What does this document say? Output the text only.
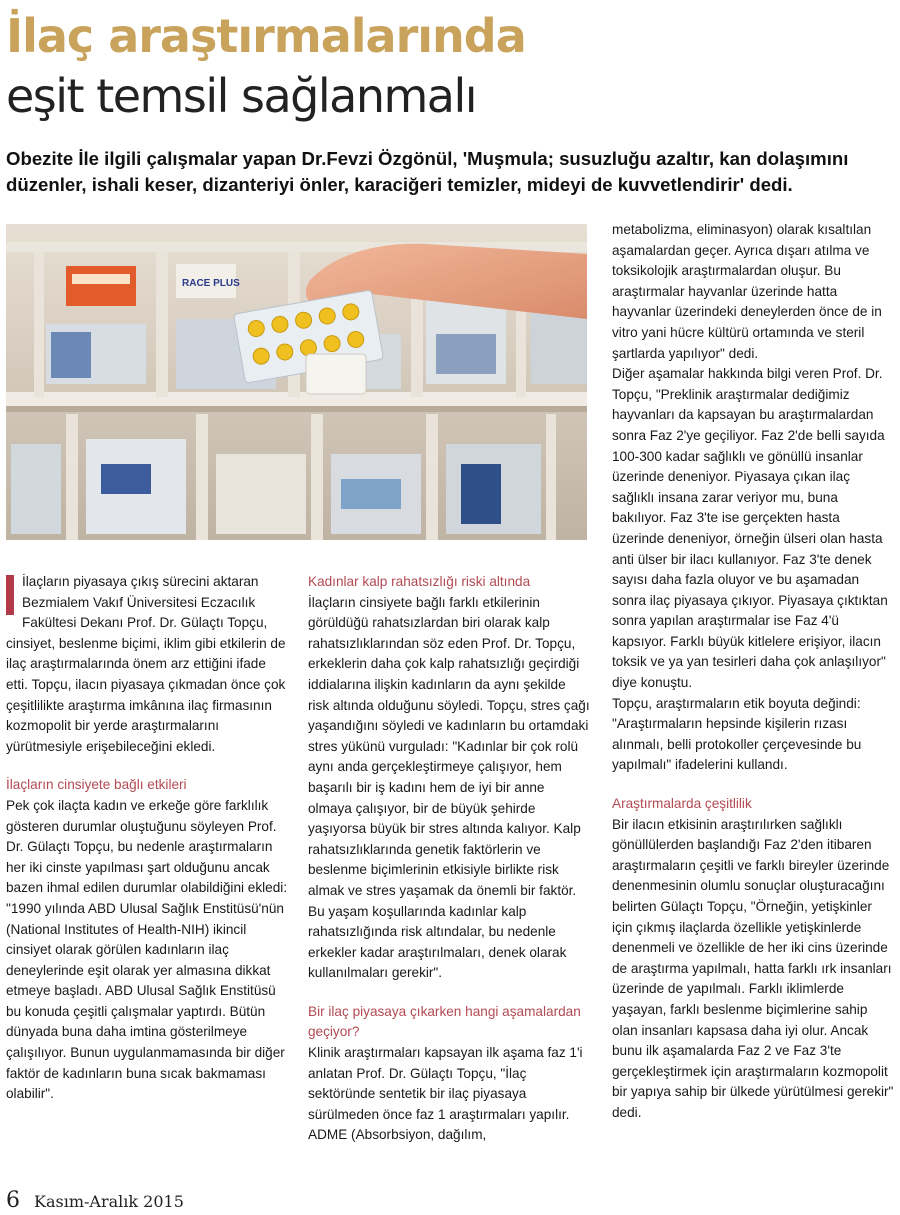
İlaç araştırmalarında
eşit temsil sağlanmalı
Obezite İle ilgili çalışmalar yapan Dr.Fevzi Özgönül, 'Muşmula; susuzluğu azaltır, kan dolaşımını düzenler, ishali keser, dizanteriyi önler, karaciğeri temizler, mideyi de kuvvetlendirir' dedi.
RACE PLUS

İlaçların piyasaya çıkış sürecini aktaran Bezmialem Vakıf Üniversitesi Eczacılık Fakültesi Dekanı Prof. Dr. Gülaçtı Topçu, cinsiyet, beslenme biçimi, iklim gibi etkilerin de ilaç araştırmalarında önem arz ettiğini ifade etti. Topçu, ilacın piyasaya çıkmadan önce çok çeşitlilikte araştırma imkânına ilaç firmasının kozmopolit bir yerde araştırmalarını yürütmesiyle erişebileceğini ekledi.

İlaçların cinsiyete bağlı etkileri

Pek çok ilaçta kadın ve erkeğe göre farklılık gösteren durumlar oluştuğunu söyleyen Prof. Dr. Gülaçtı Topçu, bu nedenle araştırmaların her iki cinste yapılması şart olduğunu ancak bazen ihmal edilen durumlar olabildiğini ekledi: "1990 yılında ABD Ulusal Sağlık Enstitüsü'nün (National Institutes of Health-NIH) ikincil cinsiyet olarak görülen kadınların ilaç deneylerinde eşit olarak yer almasına dikkat etmeye başladı. ABD Ulusal Sağlık Enstitüsü bu konuda çeşitli çalışmalar yaptırdı. Bütün dünyada buna daha imtina gösterilmeye çalışılıyor. Bunun uygulanmamasında bir diğer faktör de kadınların buna sıcak bakmaması olabilir".

Kadınlar kalp rahatsızlığı riski altında

İlaçların cinsiyete bağlı farklı etkilerinin görüldüğü rahatsızlardan biri olarak kalp rahatsızlıklarından söz eden Prof. Dr. Topçu, erkeklerin daha çok kalp rahatsızlığı geçirdiği iddialarına ilişkin kadınların da aynı şekilde risk altında olduğunu söyledi. Topçu, stres çağı yaşandığını söyledi ve kadınların bu ortamdaki stres yükünü vurguladı: "Kadınlar bir çok rolü aynı anda gerçekleştirmeye çalışıyor, hem başarılı bir iş kadını hem de iyi bir anne olmaya çalışıyor, bir de büyük şehirde yaşıyorsa büyük bir stres altında kalıyor. Kalp rahatsızlıklarında genetik faktörlerin ve beslenme biçimlerinin etkisiyle birlikte risk almak ve stres yaşamak da önemli bir faktör. Bu yaşam koşullarında kadınlar kalp rahatsızlığında risk altındalar, bu nedenle erkekler kadar araştırılmaları, denek olarak kullanılmaları gerekir".

Bir ilaç piyasaya çıkarken hangi aşamalardan geçiyor?

Klinik araştırmaları kapsayan ilk aşama faz 1'i anlatan Prof. Dr. Gülaçtı Topçu, "İlaç sektöründe sentetik bir ilaç piyasaya sürülmeden önce faz 1 araştırmaları yapılır. ADME (Absorbsiyon, dağılım,

metabolizma, eliminasyon) olarak kısaltılan aşamalardan geçer. Ayrıca dışarı atılma ve toksikolojik araştırmalardan oluşur. Bu araştırmalar hayvanlar üzerinde hatta hayvanlar üzerindeki deneylerden önce de in vitro yani hücre kültürü ortamında ve steril şartlarda yapılıyor" dedi.

Diğer aşamalar hakkında bilgi veren Prof. Dr. Topçu, "Preklinik araştırmalar dediğimiz hayvanları da kapsayan bu araştırmalardan sonra Faz 2'ye geçiliyor. Faz 2'de belli sayıda 100-300 kadar sağlıklı ve gönüllü insanlar üzerinde deneniyor. Piyasaya çıkan ilaç sağlıklı insana zarar veriyor mu, buna bakılıyor. Faz 3'te ise gerçekten hasta üzerinde deneniyor, örneğin ülseri olan hasta anti ülser bir ilacı kullanıyor. Faz 3'te denek sayısı daha fazla oluyor ve bu aşamadan sonra ilaç piyasaya çıkıyor. Piyasaya çıktıktan sonra yapılan araştırmalar ise Faz 4'ü kapsıyor. Farklı büyük kitlelere erişiyor, ilacın toksik ve ya yan tesirleri daha çok anlaşılıyor" diye konuştu.

Topçu, araştırmaların etik boyuta değindi: "Araştırmaların hepsinde kişilerin rızası alınmalı, belli protokoller çerçevesinde bu yapılmalı" ifadelerini kullandı.

Araştırmalarda çeşitlilik

Bir ilacın etkisinin araştırılırken sağlıklı gönüllülerden başlandığı Faz 2'den itibaren araştırmaların çeşitli ve farklı bireyler üzerinde denenmesinin olumlu sonuçlar oluşturacağını belirten Gülaçtı Topçu, "Örneğin, yetişkinler için çıkmış ilaçlarda özellikle yetişkinlerde denenmeli ve özellikle de her iki cins üzerinde de araştırma yapılmalı, hatta farklı ırk insanları üzerinde de yapılmalı. Farklı iklimlerde yaşayan, farklı beslenme biçimlerine sahip olan insanları kapsasa daha iyi olur. Ancak bunu ilk aşamalarda Faz 2 ve Faz 3'te gerçekleştirmek için araştırmaların kozmopolit bir yapıya sahip bir ülkede yürütülmesi gerekir" dedi.

6 Kasım-Aralık 2015
